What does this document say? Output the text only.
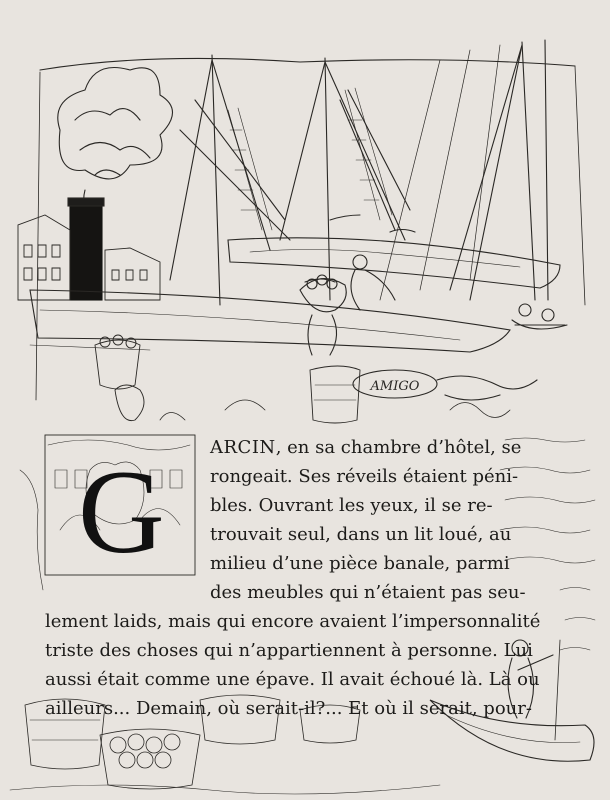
AMIGO
G	ARCIN, en sa chambre d’hôtel, se
rongeait. Ses réveils étaient péni-
bles. Ouvrant les yeux, il se re-
trouvait seul, dans un lit loué, au
milieu d’une pièce banale, parmi
des meubles qui n’étaient pas seu-
lement laids, mais qui encore avaient l’impersonnalité
triste des choses qui n’appartiennent à personne. Lui
aussi était comme une épave. Il avait échoué là. Là ou
ailleurs... Demain, où serait-il?... Et où il serait, pour-
